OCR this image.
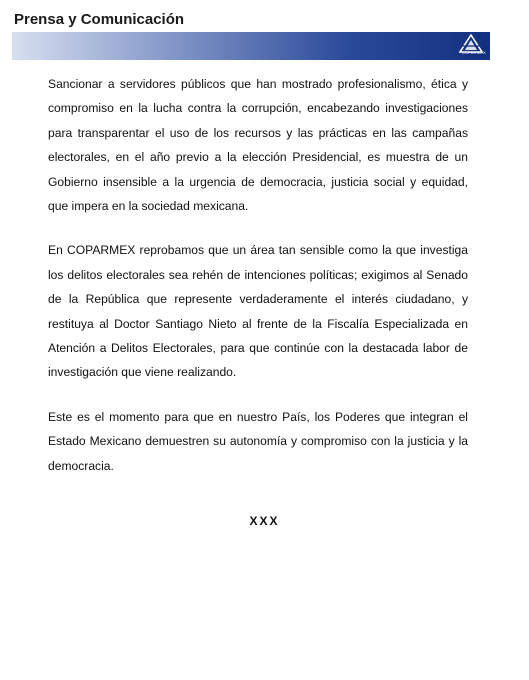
Prensa y Comunicación
COPARMEX

Sancionar a servidores públicos que han mostrado profesionalismo, ética y compromiso en la lucha contra la corrupción, encabezando investigaciones para transparentar el uso de los recursos y las prácticas en las campañas electorales, en el año previo a la elección Presidencial, es muestra de un Gobierno insensible a la urgencia de democracia, justicia social y equidad, que impera en la sociedad mexicana.

En COPARMEX reprobamos que un área tan sensible como la que investiga los delitos electorales sea rehén de intenciones políticas; exigimos al Senado de la República que represente verdaderamente el interés ciudadano, y restituya al Doctor Santiago Nieto al frente de la Fiscalía Especializada en Atención a Delitos Electorales, para que continúe con la destacada labor de investigación que viene realizando.

Este es el momento para que en nuestro País, los Poderes que integran el Estado Mexicano demuestren su autonomía y compromiso con la justicia y la democracia.

XXX
